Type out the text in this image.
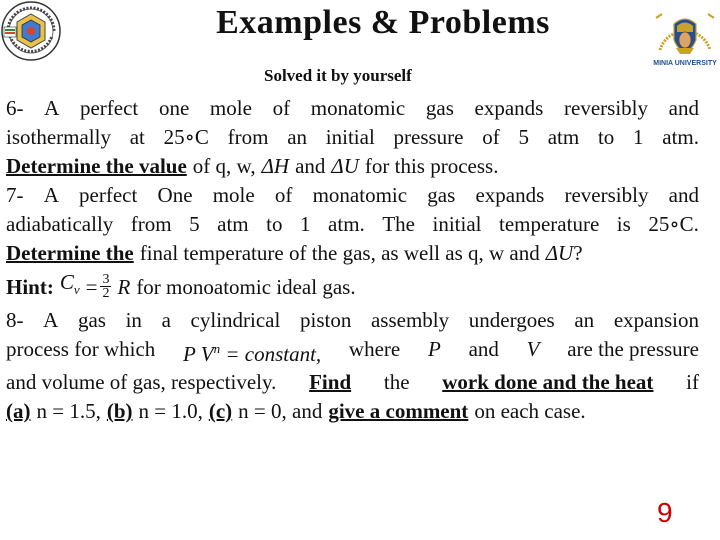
Examples & Problems
MINIA UNIVERSITY
Solved it by yourself
6- A perfect one mole of monatomic gas expands reversibly and
isothermally at 25∘C from an initial pressure of 5 atm to 1 atm.
Determine the value of q, w, ΔH and ΔU for this process.
7- A perfect One mole of monatomic gas expands reversibly and
adiabatically from 5 atm to 1 atm. The initial temperature is 25∘C.
Determine the final temperature of the gas, as well as q, w and ΔU ?
Hint: $C_v = \frac{3}{2}$ R for monoatomic ideal gas.
8- A gas in a cylindrical piston assembly undergoes an expansion
process for which P $V^n$ = constant, where P and V are the pressure
and volume of gas, respectively. Find the work done and the heat if
(a) n = 1.5, (b) n = 1.0, (c) n = 0, and give a comment on each case.
9
